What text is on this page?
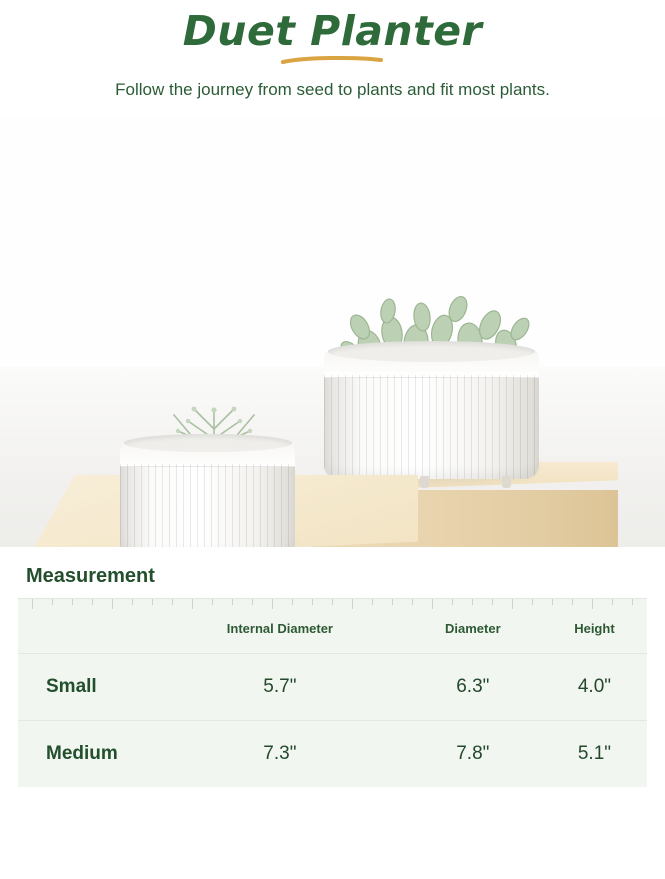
Duet Planter
Follow the journey from seed to plants and fit most plants.
Measurement
	Internal Diameter	Diameter	Height
Small	5.7"	6.3"	4.0"
Medium	7.3"	7.8"	5.1"
